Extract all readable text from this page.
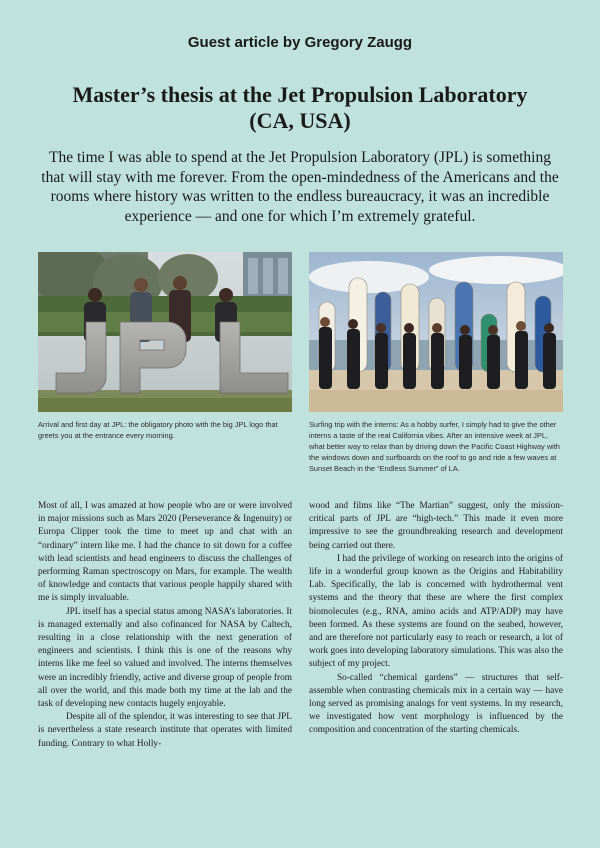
Guest article by Gregory Zaugg
Master’s thesis at the Jet Propulsion Laboratory
(CA, USA)

The time I was able to spend at the Jet Propulsion Laboratory (JPL) is something that will stay with me forever. From the open-mindedness of the Americans and the rooms where history was written to the endless bureaucracy, it was an incredible experience — and one for which I’m extremely grateful.

Arrival and first day at JPL: the obligatory photo with the big JPL logo that greets you at the entrance every morning.

Surfing trip with the interns: As a hobby surfer, I simply had to give the other interns a taste of the real California vibes. After an intensive week at JPL, what better way to relax than by driving down the Pacific Coast Highway with the windows down and surfboards on the roof to go and ride a few waves at Sunset Beach in the “Endless Summer” of LA.

Most of all, I was amazed at how people who are or were involved in major missions such as Mars 2020 (Perseverance & Ingenuity) or Europa Clipper took the time to meet up and chat with an “ordinary” intern like me. I had the chance to sit down for a coffee with lead scientists and head engineers to discuss the challenges of performing Raman spectroscopy on Mars, for example. The wealth of knowledge and contacts that various people happily shared with me is simply invaluable.

JPL itself has a special status among NASA’s laboratories. It is managed externally and also cofinanced for NASA by Caltech, resulting in a close relationship with the next generation of engineers and scientists. I think this is one of the reasons why interns like me feel so valued and involved. The interns themselves were an incredibly friendly, active and diverse group of people from all over the world, and this made both my time at the lab and the task of developing new contacts hugely enjoyable.

Despite all of the splendor, it was interesting to see that JPL is nevertheless a state research institute that operates with limited funding. Contrary to what Holly-

wood and films like “The Martian” suggest, only the mission-critical parts of JPL are “high-tech.” This made it even more impressive to see the groundbreaking research and development being carried out there.

I had the privilege of working on research into the origins of life in a wonderful group known as the Origins and Habitability Lab. Specifically, the lab is concerned with hydrothermal vent systems and the theory that these are where the first complex biomolecules (e.g., RNA, amino acids and ATP/ADP) may have been formed. As these systems are found on the seabed, however, and are therefore not particularly easy to reach or research, a lot of work goes into developing laboratory simulations. This was also the subject of my project.

So-called “chemical gardens” — structures that self-assemble when contrasting chemicals mix in a certain way — have long served as promising analogs for vent systems. In my research, we investigated how vent morphology is influenced by the composition and concentration of the starting chemicals.
